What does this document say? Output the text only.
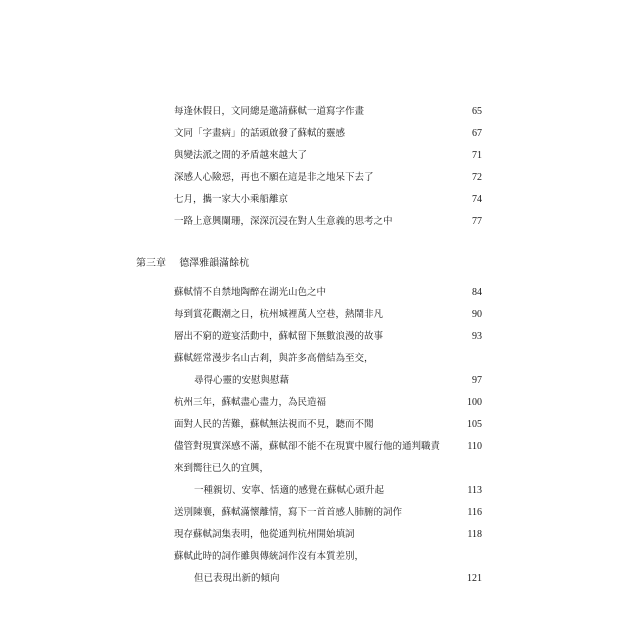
每逢休假日，文同總是邀請蘇軾一道寫字作畫	65
文同「字畫病」的話頭啟發了蘇軾的靈感	67
與變法派之間的矛盾越來越大了	71
深感人心險惡，再也不願在這是非之地呆下去了	72
七月，攜一家大小乘船離京	74
一路上意興闌珊，深深沉浸在對人生意義的思考之中	77
第三章 德澤雅韻滿餘杭
蘇軾情不自禁地陶醉在湖光山色之中	84
每到賞花觀潮之日，杭州城裡萬人空巷，熱鬧非凡	90
層出不窮的遊宴活動中，蘇軾留下無數浪漫的故事	93
蘇軾經常漫步名山古剎，與許多高僧結為至交，
尋得心靈的安慰與慰藉	97
杭州三年，蘇軾盡心盡力，為民造福	100
面對人民的苦難，蘇軾無法視而不見，聽而不聞	105
儘管對現實深感不滿，蘇軾卻不能不在現實中履行他的通判職責	110
來到嚮往已久的宜興，
一種親切、安寧、恬適的感覺在蘇軾心頭升起	113
送別陳襄，蘇軾滿懷離情，寫下一首首感人肺腑的詞作	116
現存蘇軾詞集表明，他從通判杭州開始填詞	118
蘇軾此時的詞作雖與傳統詞作沒有本質差別，
但已表現出新的傾向	121
